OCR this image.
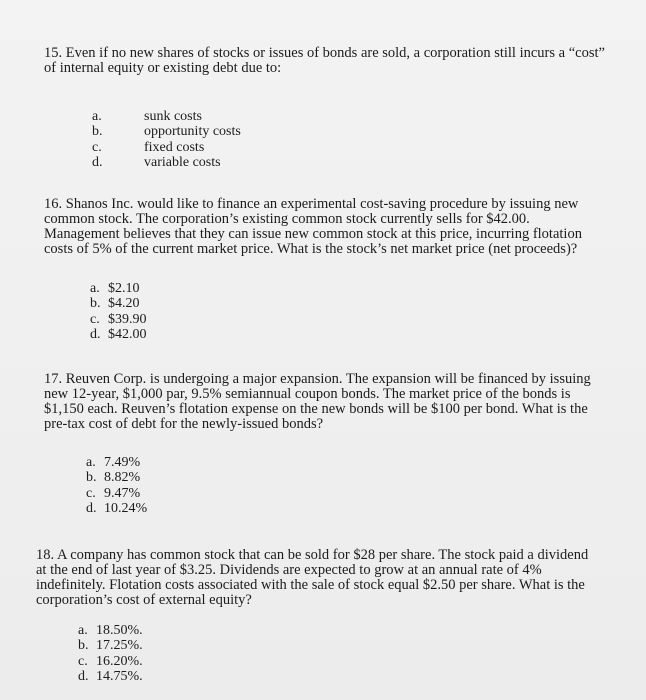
15. Even if no new shares of stocks or issues of bonds are sold, a corporation still incurs a “cost”
of internal equity or existing debt due to:

a.	sunk costs
b.	opportunity costs
c.	fixed costs
d.	variable costs

16. Shanos Inc. would like to finance an experimental cost-saving procedure by issuing new
common stock. The corporation’s existing common stock currently sells for $42.00.
Management believes that they can issue new common stock at this price, incurring flotation
costs of 5% of the current market price. What is the stock’s net market price (net proceeds)?

a. $2.10
b. $4.20
c. $39.90
d. $42.00

17. Reuven Corp. is undergoing a major expansion. The expansion will be financed by issuing
new 12-year, $1,000 par, 9.5% semiannual coupon bonds. The market price of the bonds is
$1,150 each. Reuven’s flotation expense on the new bonds will be $100 per bond. What is the
pre-tax cost of debt for the newly-issued bonds?

a. 7.49%
b. 8.82%
c. 9.47%
d. 10.24%

18. A company has common stock that can be sold for $28 per share. The stock paid a dividend
at the end of last year of $3.25. Dividends are expected to grow at an annual rate of 4%
indefinitely. Flotation costs associated with the sale of stock equal $2.50 per share. What is the
corporation’s cost of external equity?

a. 18.50%.
b. 17.25%.
c. 16.20%.
d. 14.75%.
